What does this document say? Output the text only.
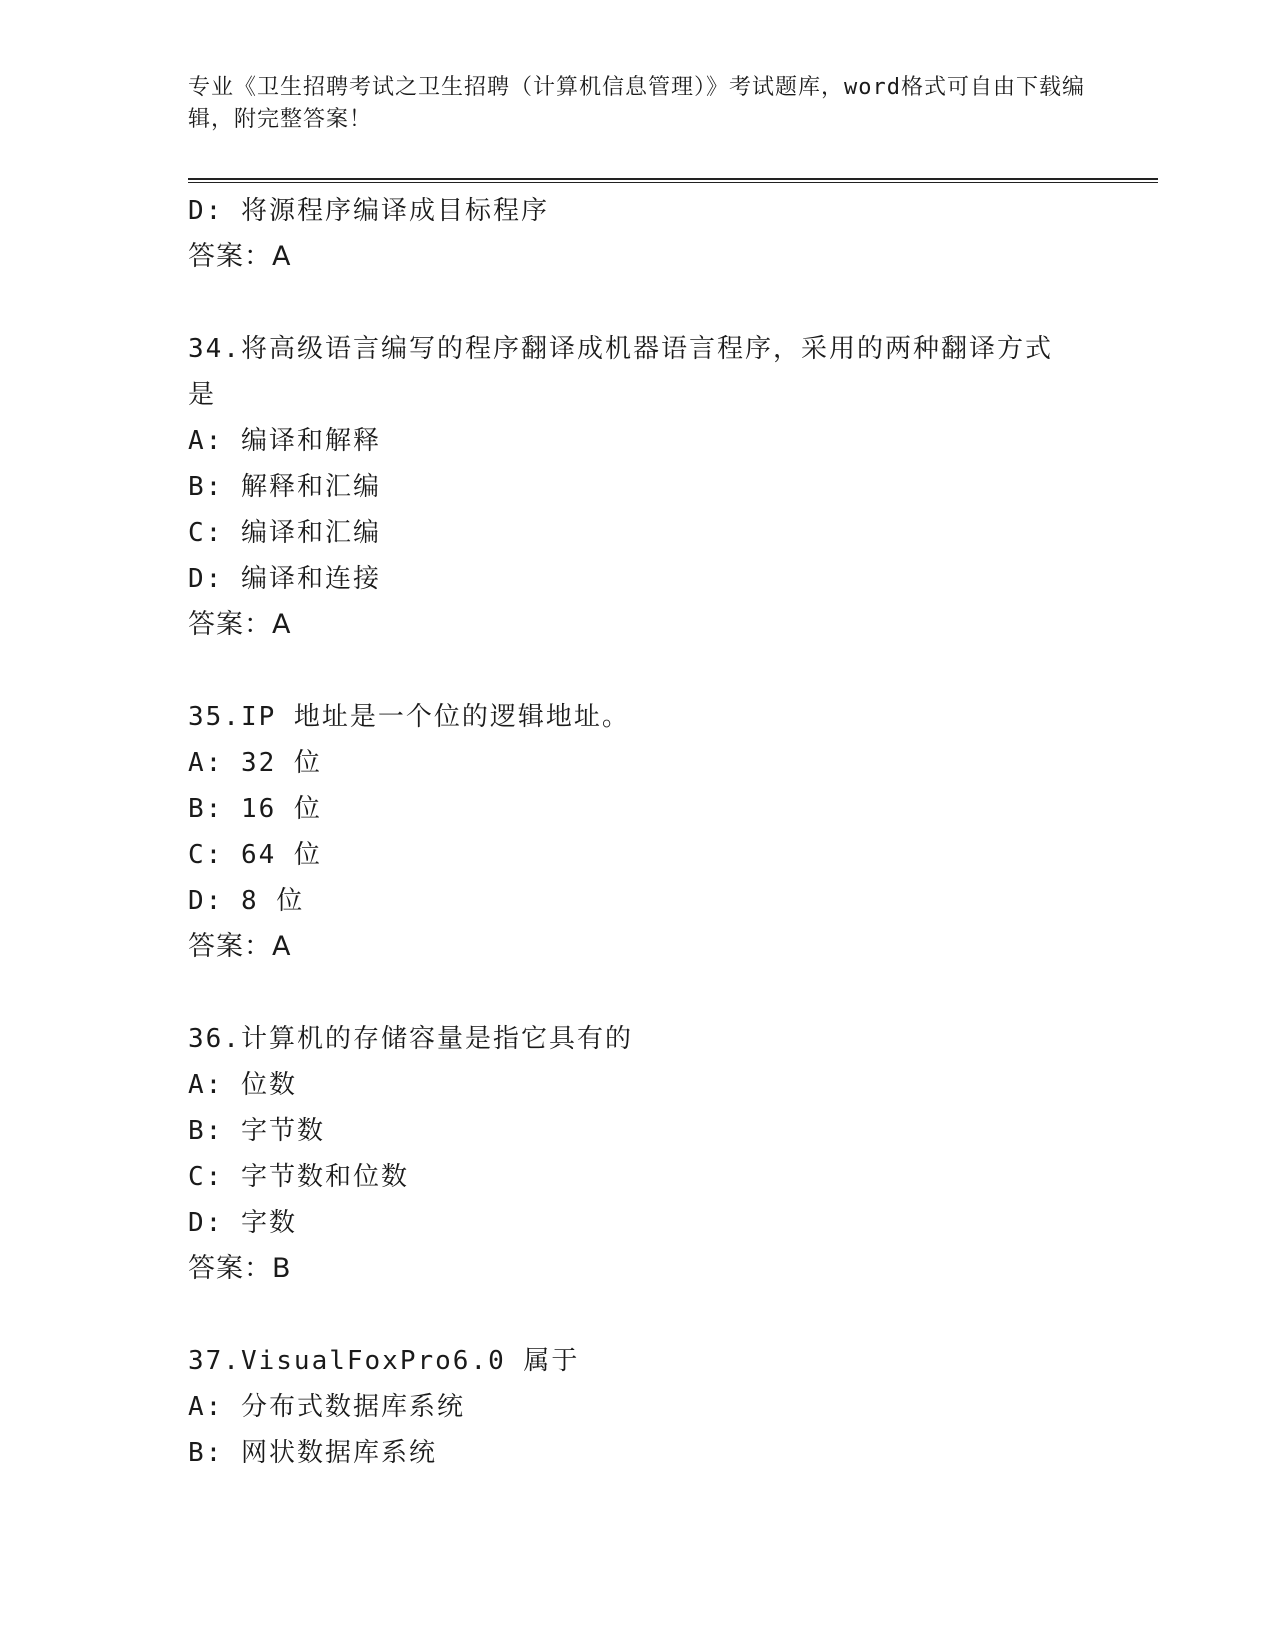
专业《卫生招聘考试之卫生招聘（计算机信息管理）》考试题库，word格式可自由下载编辑，附完整答案！
D: 将源程序编译成目标程序
答案：A
34.将高级语言编写的程序翻译成机器语言程序，采用的两种翻译方式
是
A: 编译和解释
B: 解释和汇编
C: 编译和汇编
D: 编译和连接
答案：A
35.IP 地址是一个位的逻辑地址。
A: 32 位
B: 16 位
C: 64 位
D: 8 位
答案：A
36.计算机的存储容量是指它具有的
A: 位数
B: 字节数
C: 字节数和位数
D: 字数
答案：B
37.VisualFoxPro6.0 属于
A: 分布式数据库系统
B: 网状数据库系统
